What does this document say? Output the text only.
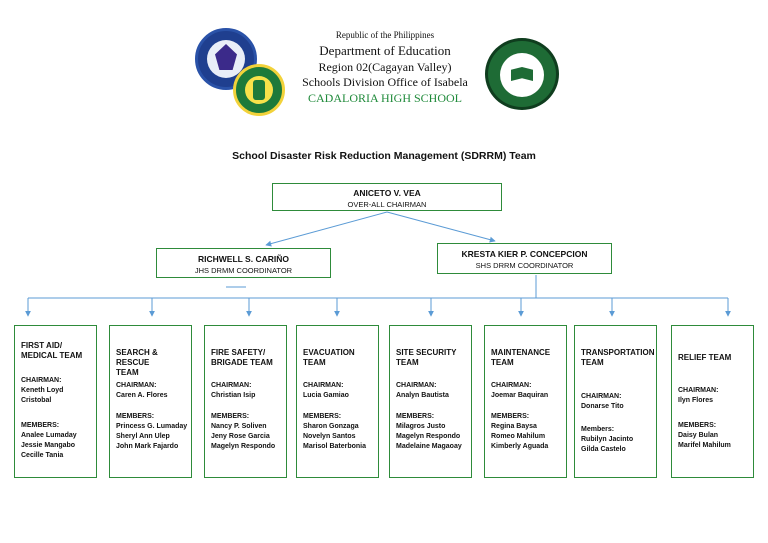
Republic of the Philippines
Department of Education
Region 02(Cagayan Valley)
Schools Division Office of Isabela
CADALORIA HIGH SCHOOL
School Disaster Risk Reduction Management (SDRRM) Team
ANICETO V. VEA
OVER-ALL CHAIRMAN
RICHWELL S. CARIÑO
JHS DRMM COORDINATOR
KRESTA KIER P. CONCEPCION
SHS DRRM COORDINATOR
FIRST AID/
MEDICAL TEAM
CHAIRMAN:
Keneth Loyd
Cristobal
MEMBERS:
Analee Lumaday
Jessie Mangabo
Cecille Tania
SEARCH & RESCUE
TEAM
CHAIRMAN:
Caren A. Flores
MEMBERS:
Princess G. Lumaday
Sheryl Ann Ulep
John Mark Fajardo
FIRE SAFETY/
BRIGADE TEAM
CHAIRMAN:
Christian Isip
MEMBERS:
Nancy P. Soliven
Jeny Rose Garcia
Magelyn Respondo
EVACUATION
TEAM
CHAIRMAN:
Lucia Gamiao
MEMBERS:
Sharon Gonzaga
Novelyn Santos
Marisol Baterbonia
SITE SECURITY
TEAM
CHAIRMAN:
Analyn Bautista
MEMBERS:
Milagros Justo
Magelyn Respondo
Madelaine Magaoay
MAINTENANCE
TEAM
CHAIRMAN:
Joemar Baquiran
MEMBERS:
Regina Baysa
Romeo Mahilum
Kimberly Aguada
TRANSPORTATION
TEAM
CHAIRMAN:
Donarse Tito
Members:
Rubilyn Jacinto
Gilda Castelo
RELIEF TEAM
CHAIRMAN:
Ilyn Flores
MEMBERS:
Daisy Bulan
Marifel Mahilum
